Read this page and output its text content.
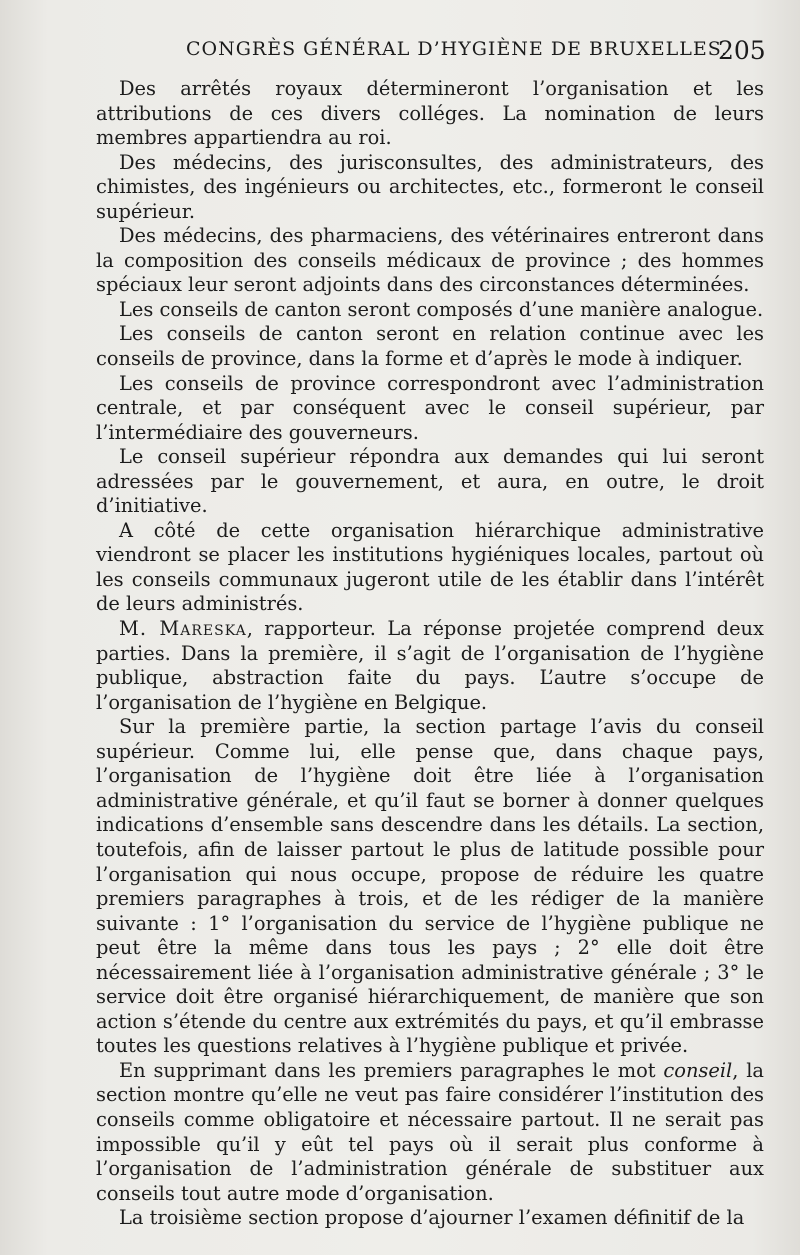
CONGRÈS GÉNÉRAL D’HYGIÈNE DE BRUXELLES.
205

Des arrêtés royaux détermineront l’organisation et les attributions de ces divers colléges. La nomination de leurs membres appartiendra au roi.

Des médecins, des jurisconsultes, des administrateurs, des chimistes, des ingénieurs ou architectes, etc., formeront le conseil supérieur.

Des médecins, des pharmaciens, des vétérinaires entreront dans la composition des conseils médicaux de province ; des hommes spéciaux leur seront adjoints dans des circonstances déterminées.

Les conseils de canton seront composés d’une manière analogue.

Les conseils de canton seront en relation continue avec les conseils de province, dans la forme et d’après le mode à indiquer.

Les conseils de province correspondront avec l’administration centrale, et par conséquent avec le conseil supérieur, par l’intermédiaire des gouverneurs.

Le conseil supérieur répondra aux demandes qui lui seront adressées par le gouvernement, et aura, en outre, le droit d’initiative.

A côté de cette organisation hiérarchique administrative viendront se placer les institutions hygiéniques locales, partout où les conseils communaux jugeront utile de les établir dans l’intérêt de leurs administrés.

M. Mareska, rapporteur. La réponse projetée comprend deux parties. Dans la première, il s’agit de l’organisation de l’hygiène publique, abstraction faite du pays. L’autre s’occupe de l’organisation de l’hygiène en Belgique.

Sur la première partie, la section partage l’avis du conseil supérieur. Comme lui, elle pense que, dans chaque pays, l’organisation de l’hygiène doit être liée à l’organisation administrative générale, et qu’il faut se borner à donner quelques indications d’ensemble sans descendre dans les détails. La section, toutefois, afin de laisser partout le plus de latitude possible pour l’organisation qui nous occupe, propose de réduire les quatre premiers paragraphes à trois, et de les rédiger de la manière suivante : 1° l’organisation du service de l’hygiène publique ne peut être la même dans tous les pays ; 2° elle doit être nécessairement liée à l’organisation administrative générale ; 3° le service doit être organisé hiérarchiquement, de manière que son action s’étende du centre aux extrémités du pays, et qu’il embrasse toutes les questions relatives à l’hygiène publique et privée.

En supprimant dans les premiers paragraphes le mot conseil, la section montre qu’elle ne veut pas faire considérer l’institution des conseils comme obligatoire et nécessaire partout. Il ne serait pas impossible qu’il y eût tel pays où il serait plus conforme à l’organisation de l’administration générale de substituer aux conseils tout autre mode d’organisation.

La troisième section propose d’ajourner l’examen définitif de la
